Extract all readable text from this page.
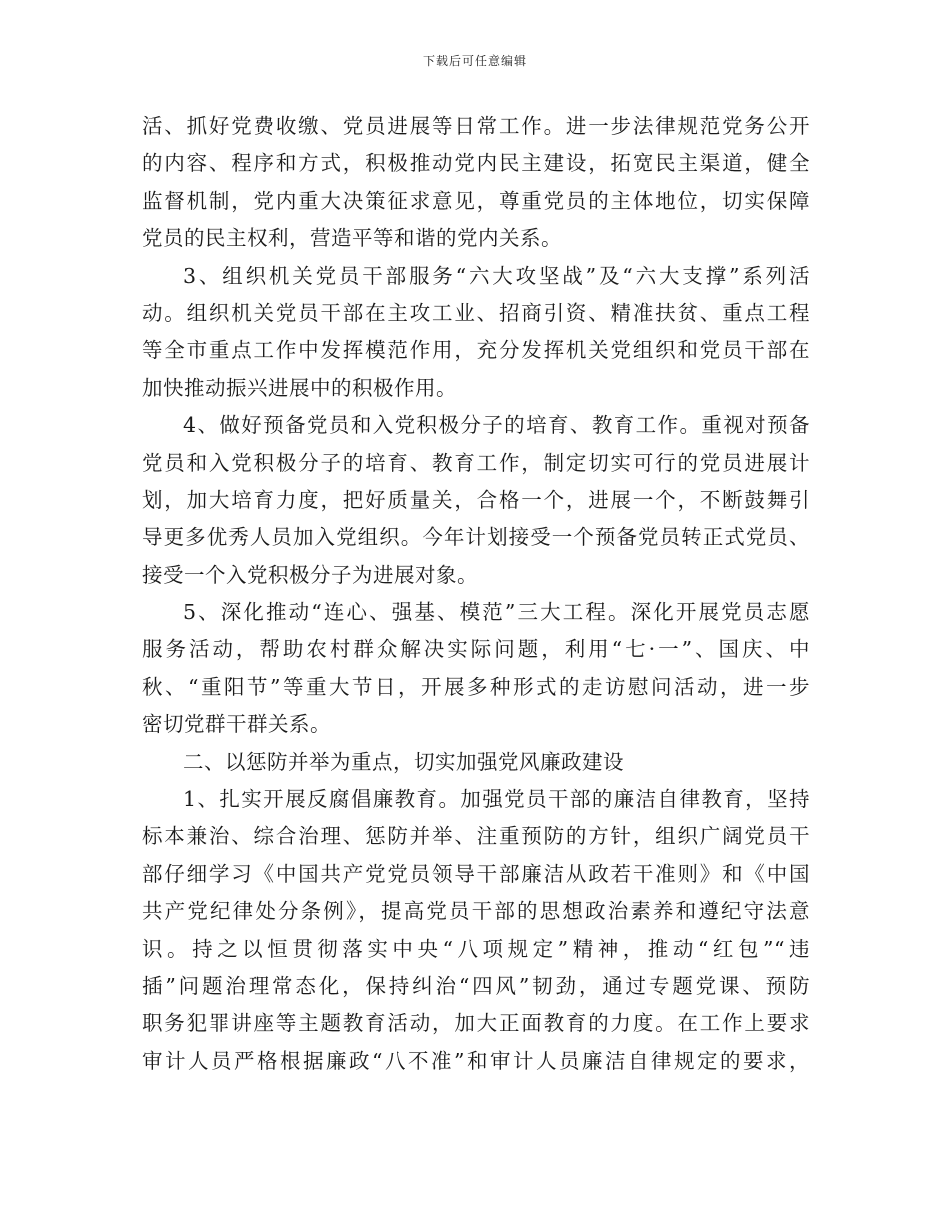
下载后可任意编辑
活、抓好党费收缴、党员进展等日常工作。进一步法律规范党务公开
的内容、程序和方式，积极推动党内民主建设，拓宽民主渠道，健全
监督机制，党内重大决策征求意见，尊重党员的主体地位，切实保障
党员的民主权利，营造平等和谐的党内关系。
3、组织机关党员干部服务“六大攻坚战”及“六大支撑”系列活
动。组织机关党员干部在主攻工业、招商引资、精准扶贫、重点工程
等全市重点工作中发挥模范作用，充分发挥机关党组织和党员干部在
加快推动振兴进展中的积极作用。
4、做好预备党员和入党积极分子的培育、教育工作。重视对预备
党员和入党积极分子的培育、教育工作，制定切实可行的党员进展计
划，加大培育力度，把好质量关，合格一个，进展一个，不断鼓舞引
导更多优秀人员加入党组织。今年计划接受一个预备党员转正式党员、
接受一个入党积极分子为进展对象。
5、深化推动“连心、强基、模范”三大工程。深化开展党员志愿
服务活动，帮助农村群众解决实际问题，利用“七·一”、国庆、中
秋、“重阳节”等重大节日，开展多种形式的走访慰问活动，进一步
密切党群干群关系。
二、以惩防并举为重点，切实加强党风廉政建设
1、扎实开展反腐倡廉教育。加强党员干部的廉洁自律教育，坚持
标本兼治、综合治理、惩防并举、注重预防的方针，组织广阔党员干
部仔细学习《中国共产党党员领导干部廉洁从政若干准则》和《中国
共产党纪律处分条例》，提高党员干部的思想政治素养和遵纪守法意
识。持之以恒贯彻落实中央“八项规定”精神，推动“红包”“违
插”问题治理常态化，保持纠治“四风”韧劲，通过专题党课、预防
职务犯罪讲座等主题教育活动，加大正面教育的力度。在工作上要求
审计人员严格根据廉政“八不准”和审计人员廉洁自律规定的要求，
